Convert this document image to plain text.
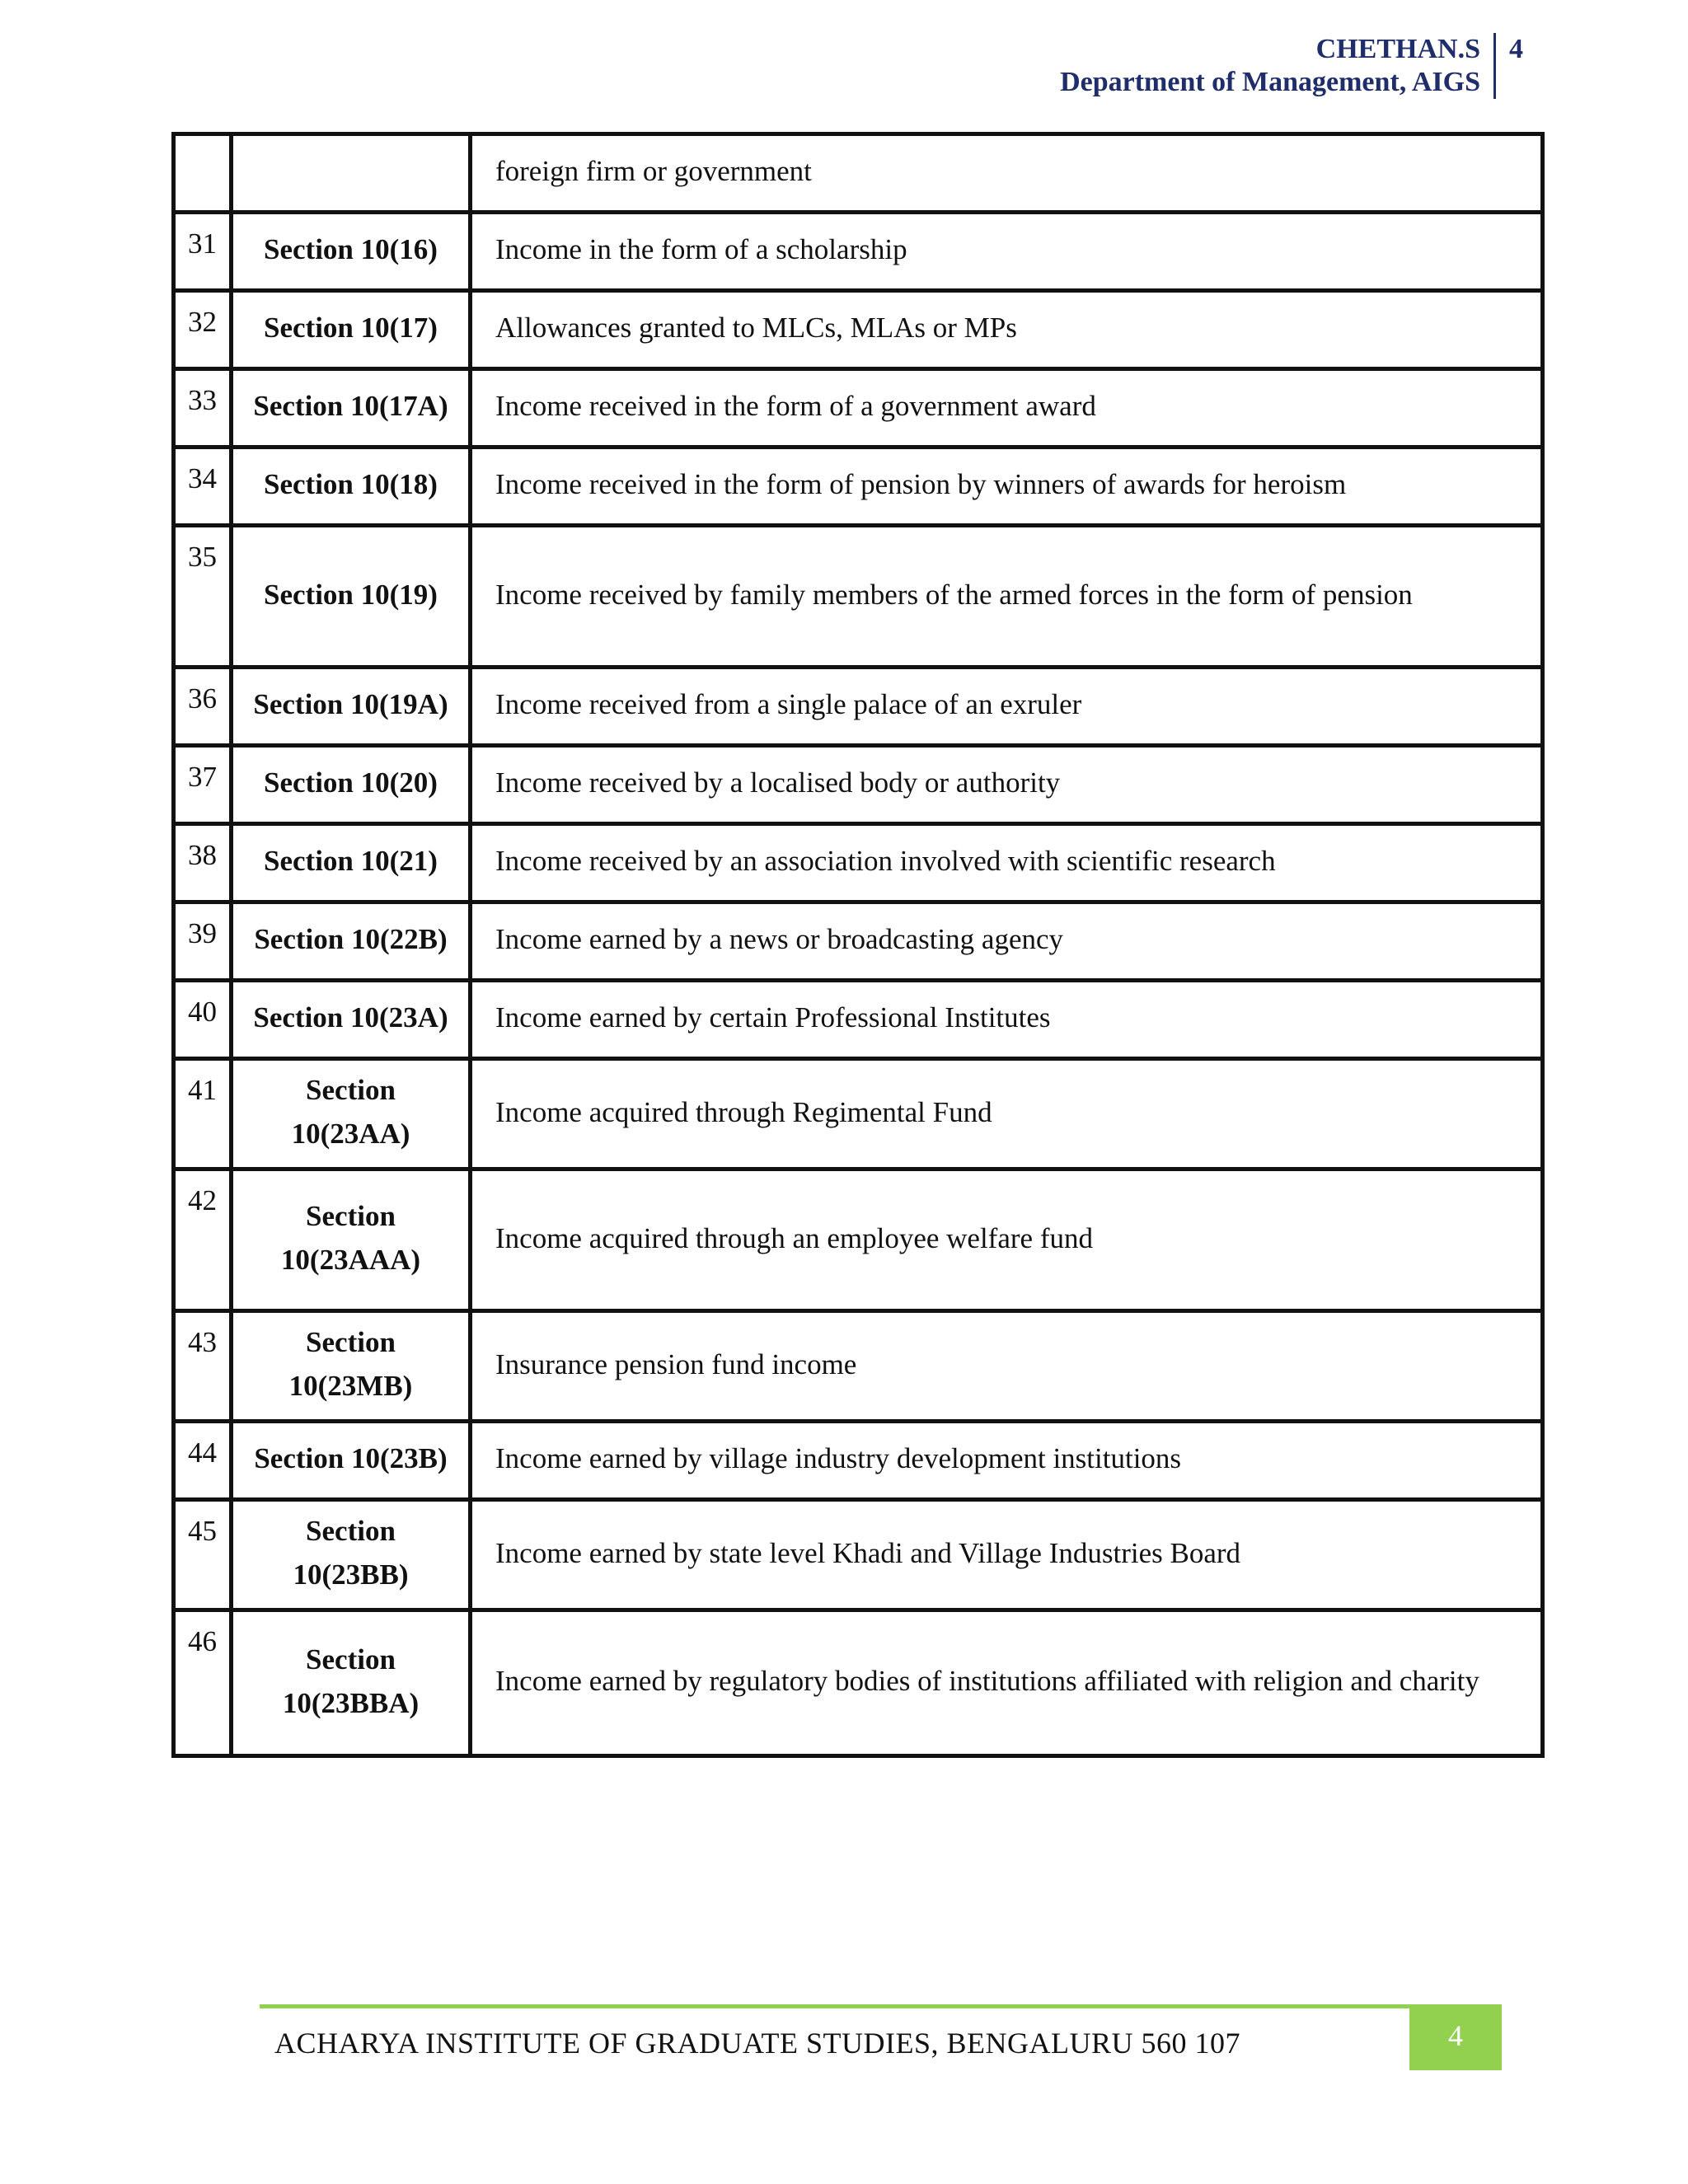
CHETHAN.S
Department of Management, AIGS
4
		foreign firm or government
31	Section 10(16)	Income in the form of a scholarship
32	Section 10(17)	Allowances granted to MLCs, MLAs or MPs
33	Section 10(17A)	Income received in the form of a government award
34	Section 10(18)	Income received in the form of pension by winners of awards for heroism
35	Section 10(19)	Income received by family members of the armed forces in the form of pension
36	Section 10(19A)	Income received from a single palace of an exruler
37	Section 10(20)	Income received by a localised body or authority
38	Section 10(21)	Income received by an association involved with scientific research
39	Section 10(22B)	Income earned by a news or broadcasting agency
40	Section 10(23A)	Income earned by certain Professional Institutes
41	Section 10(23AA)	Income acquired through Regimental Fund
42	Section 10(23AAA)	Income acquired through an employee welfare fund
43	Section 10(23MB)	Insurance pension fund income
44	Section 10(23B)	Income earned by village industry development institutions
45	Section 10(23BB)	Income earned by state level Khadi and Village Industries Board
46	Section 10(23BBA)	Income earned by regulatory bodies of institutions affiliated with religion and charity
ACHARYA INSTITUTE OF GRADUATE STUDIES, BENGALURU 560 107	4
